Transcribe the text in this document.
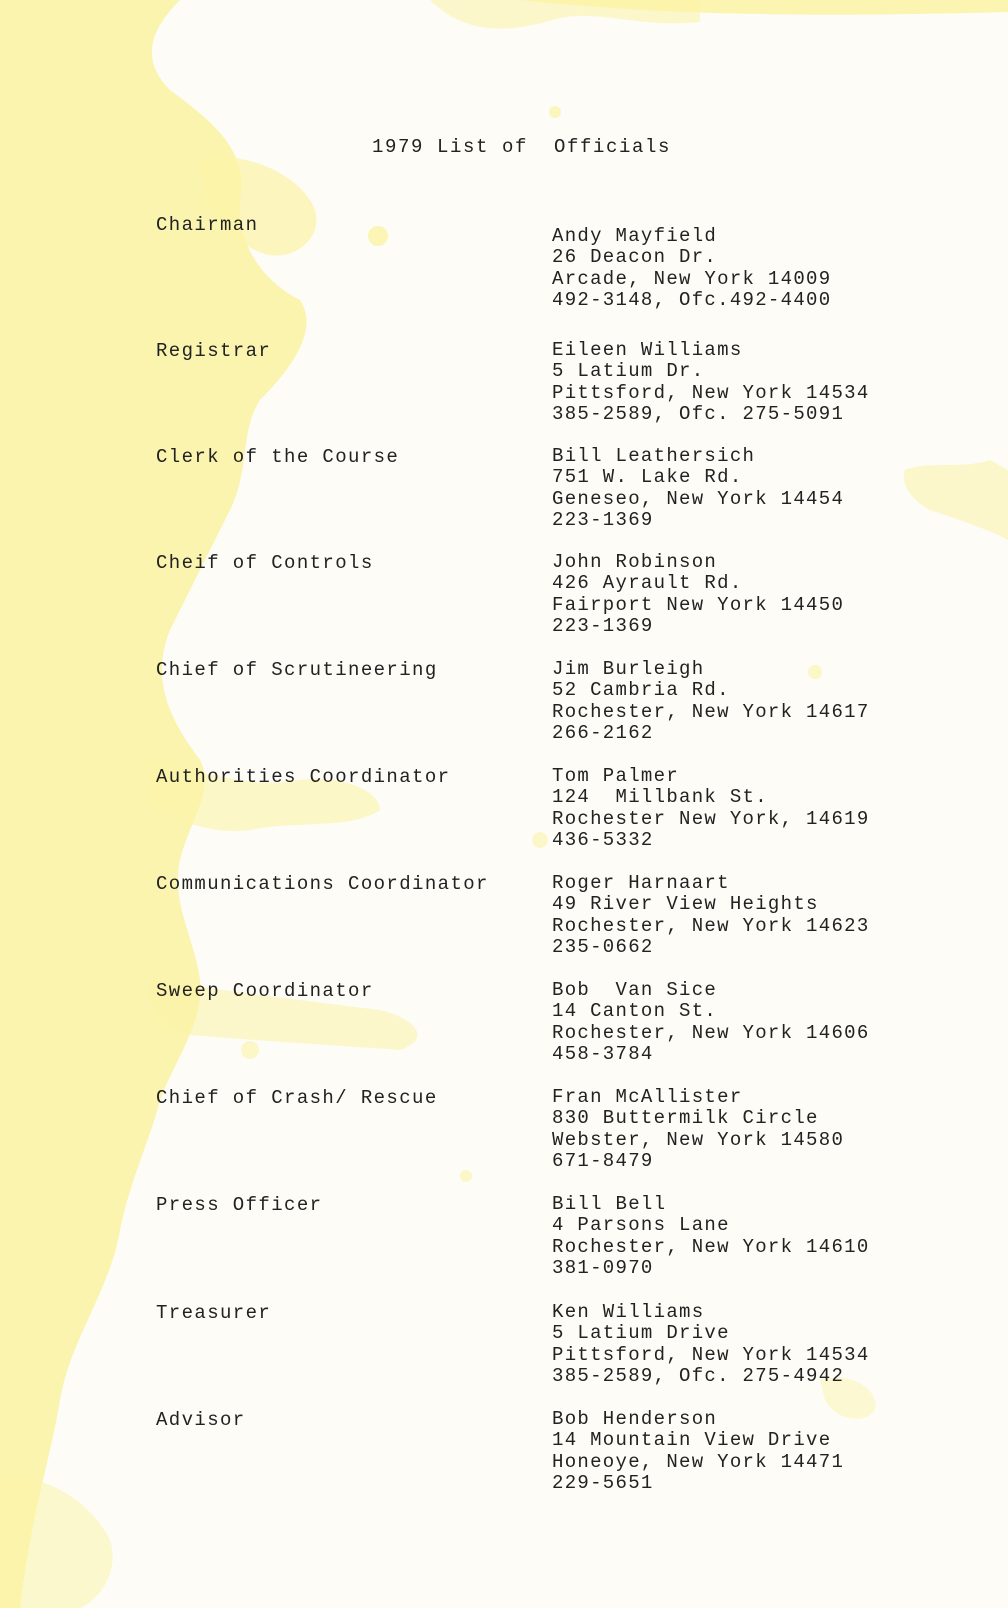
1979 List of  Officials
Chairman	Andy Mayfield
26 Deacon Dr.
Arcade, New York 14009
492-3148, Ofc.492-4400
Registrar	Eileen Williams
5 Latium Dr.
Pittsford, New York 14534
385-2589, Ofc. 275-5091
Clerk of the Course	Bill Leathersich
751 W. Lake Rd.
Geneseo, New York 14454
223-1369
Cheif of Controls	John Robinson
426 Ayrault Rd.
Fairport New York 14450
223-1369
Chief of Scrutineering	Jim Burleigh
52 Cambria Rd.
Rochester, New York 14617
266-2162
Authorities Coordinator	Tom Palmer
124  Millbank St.
Rochester New York, 14619
436-5332
Communications Coordinator	Roger Harnaart
49 River View Heights
Rochester, New York 14623
235-0662
Sweep Coordinator	Bob  Van Sice
14 Canton St.
Rochester, New York 14606
458-3784
Chief of Crash/ Rescue	Fran McAllister
830 Buttermilk Circle
Webster, New York 14580
671-8479
Press Officer	Bill Bell
4 Parsons Lane
Rochester, New York 14610
381-0970
Treasurer	Ken Williams
5 Latium Drive
Pittsford, New York 14534
385-2589, Ofc. 275-4942
Advisor	Bob Henderson
14 Mountain View Drive
Honeoye, New York 14471
229-5651
